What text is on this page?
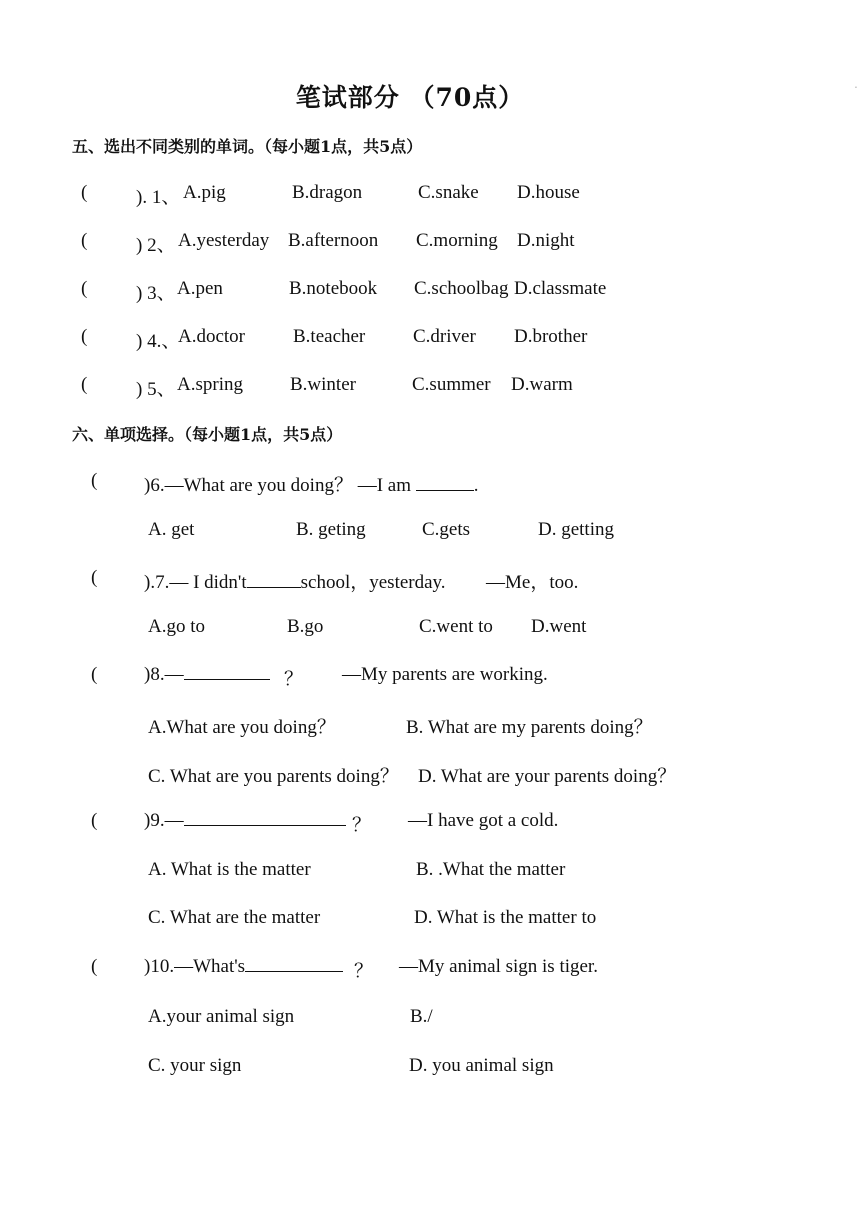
笔试部分 （70点）
五、选出不同类别的单词。（每小题1点，共5点）
(	). 1、 A.pig	B.dragon	C.snake D.house
(	) 2、 A.yesterday B.afternoon C.morning D.night
(	) 3、 A.pen	B.notebook C.schoolbag D.classmate
(	) 4.、
A.doctor	B.teacher	C.driver D.brother
(	) 5、 A.spring B.winter	C.summer D.warm
六、单项选择。（每小题1点，共5点）
( )6.—What are you doing？ —I am	.
A. get	B. geting	C.gets	D. getting
( ).7.— I didn't	school，yesterday. —Me，too.
A.go to	B.go	C.went to D.went
( )8.—	？ —My parents are working.
A.What are you doing？	B. What are my parents doing？
C. What are you parents doing？ D. What are your parents doing？
( )9.—	？ —I have got a cold.
A. What is the matter	B. .What the matter
C. What are the matter	D. What is the matter to
( )10.—What's	？ —My animal sign is tiger.
A.your animal sign	B./
C. your sign	D. you animal sign
